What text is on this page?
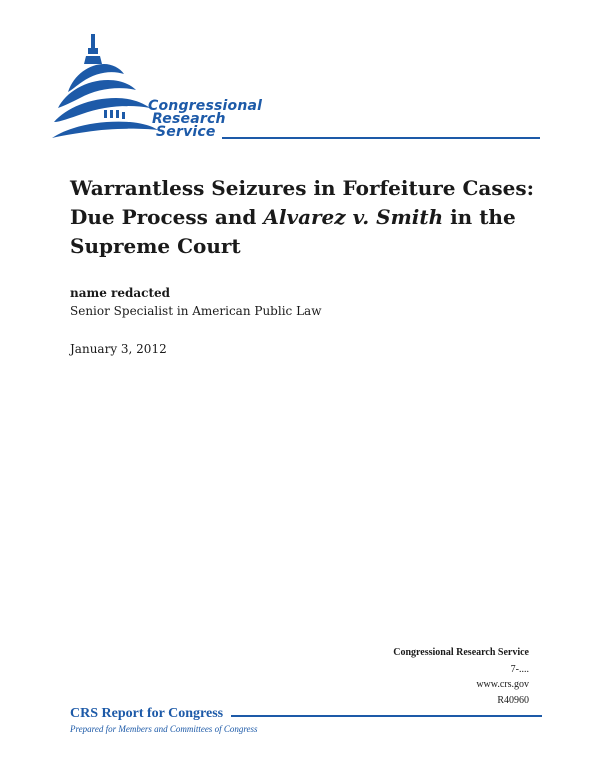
Congressional
Research
Service
Warrantless Seizures in Forfeiture Cases: Due Process and Alvarez v. Smith in the Supreme Court
name redacted
Senior Specialist in American Public Law
January 3, 2012
Congressional Research Service
7-....
www.crs.gov
R40960
CRS Report for Congress
Prepared for Members and Committees of Congress
